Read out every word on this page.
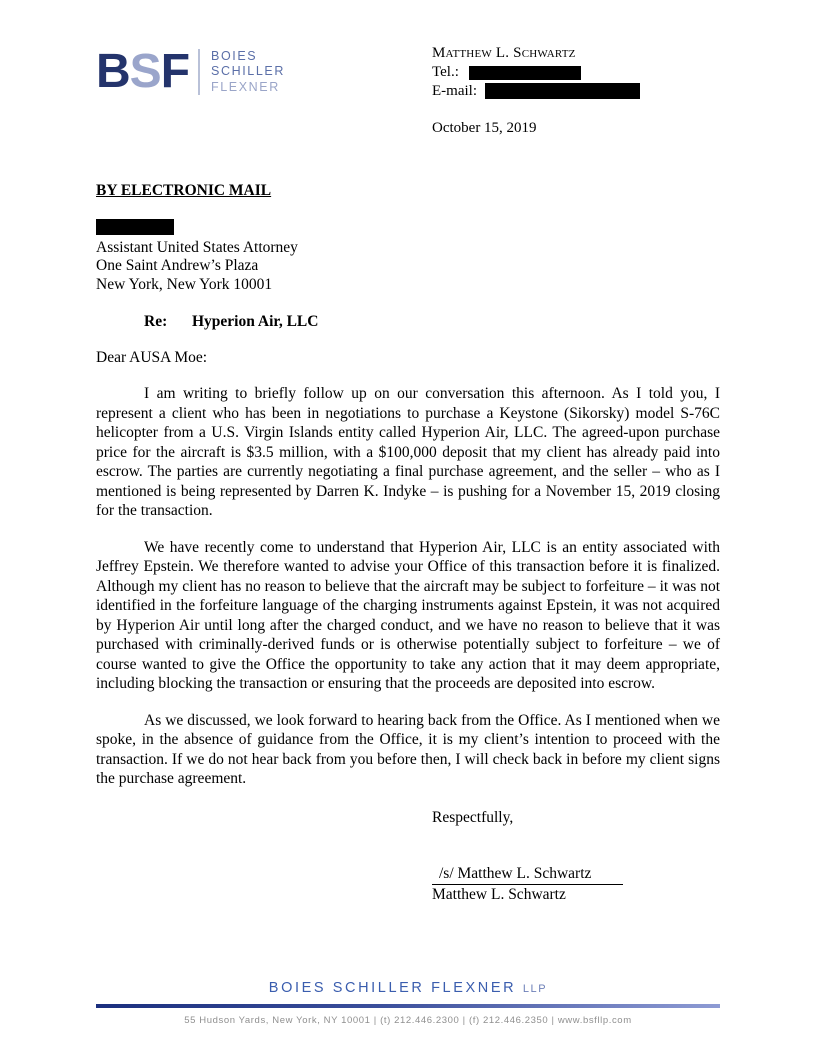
BSF BOIES
SCHILLER
FLEXNER
Matthew L. Schwartz
Tel.:
E-mail:
October 15, 2019
BY ELECTRONIC MAIL
Assistant United States Attorney
One Saint Andrew’s Plaza
New York, New York 10001
Re: Hyperion Air, LLC
Dear AUSA Moe:

I am writing to briefly follow up on our conversation this afternoon. As I told you, I represent a client who has been in negotiations to purchase a Keystone (Sikorsky) model S-76C helicopter from a U.S. Virgin Islands entity called Hyperion Air, LLC. The agreed-upon purchase price for the aircraft is $3.5 million, with a $100,000 deposit that my client has already paid into escrow. The parties are currently negotiating a final purchase agreement, and the seller – who as I mentioned is being represented by Darren K. Indyke – is pushing for a November 15, 2019 closing for the transaction.

We have recently come to understand that Hyperion Air, LLC is an entity associated with Jeffrey Epstein. We therefore wanted to advise your Office of this transaction before it is finalized. Although my client has no reason to believe that the aircraft may be subject to forfeiture – it was not identified in the forfeiture language of the charging instruments against Epstein, it was not acquired by Hyperion Air until long after the charged conduct, and we have no reason to believe that it was purchased with criminally-derived funds or is otherwise potentially subject to forfeiture – we of course wanted to give the Office the opportunity to take any action that it may deem appropriate, including blocking the transaction or ensuring that the proceeds are deposited into escrow.

As we discussed, we look forward to hearing back from the Office. As I mentioned when we spoke, in the absence of guidance from the Office, it is my client’s intention to proceed with the transaction. If we do not hear back from you before then, I will check back in before my client signs the purchase agreement.

Respectfully,
/s/ Matthew L. Schwartz
Matthew L. Schwartz
BOIES SCHILLER FLEXNER LLP
55 Hudson Yards, New York, NY 10001 | (t) 212.446.2300 | (f) 212.446.2350 | www.bsfllp.com
